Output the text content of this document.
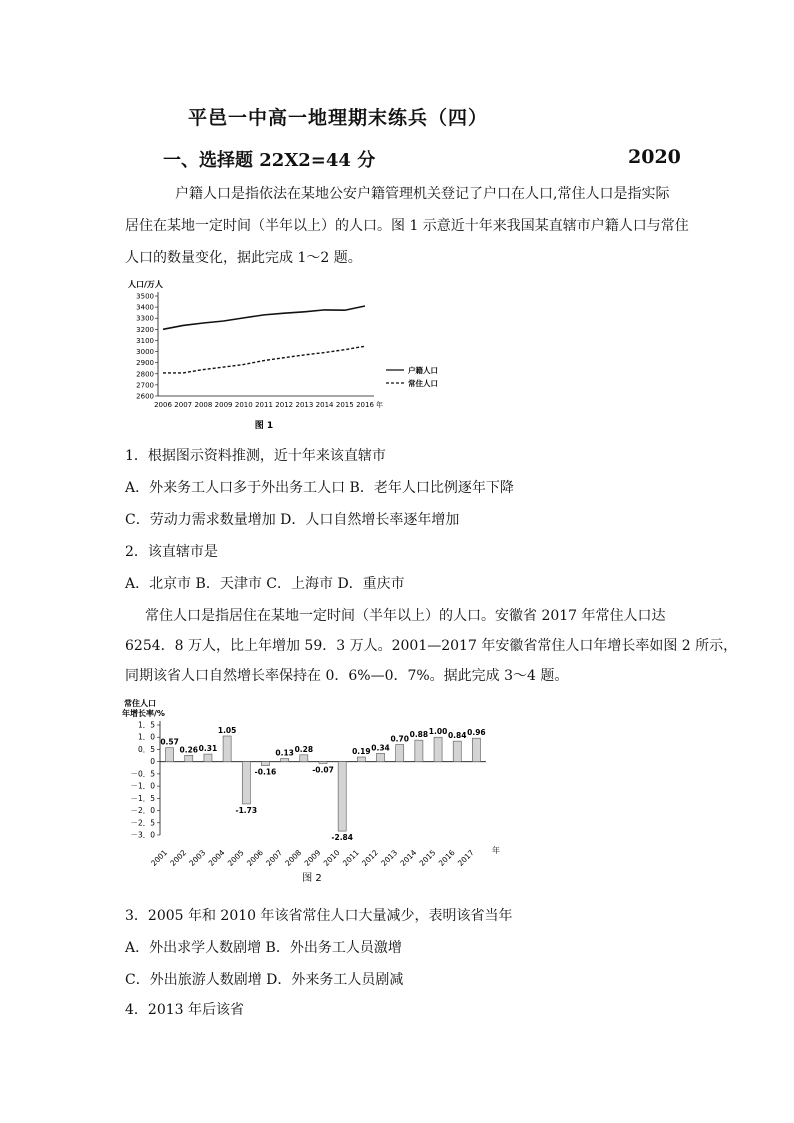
平邑一中高一地理期末练兵（四）
一、选择题 22X2=44 分	2020
户籍人口是指依法在某地公安户籍管理机关登记了户口在人口,常住人口是指实际
居住在某地一定时间（半年以上）的人口。图 1 示意近十年来我国某直辖市户籍人口与常住
人口的数量变化，据此完成 1～2 题。
人口/万人
2600
2700
2800
2900
3000
3100
3200
3300
3400
3500
2006 2007 2008 2009 2010 2011 2012 2013 2014 2015 2016 年
户籍人口
常住人口
图 1
1．根据图示资料推测，近十年来该直辖市
A．外来务工人口多于外出务工人口 B．老年人口比例逐年下降
C．劳动力需求数量增加 D．人口自然增长率逐年增加
2．该直辖市是
A．北京市 B．天津市 C．上海市 D．重庆市
常住人口是指居住在某地一定时间（半年以上）的人口。安徽省 2017 年常住人口达
6254．8 万人，比上年增加 59．3 万人。2001—2017 年安徽省常住人口年增长率如图 2 所示，
同期该省人口自然增长率保持在 0．6%—0．7%。据此完成 3～4 题。
常住人口
年增长率/%
1．5
1．0
0．5
0
－0．5
－1．0
－1．5
－2．0
－2．5
－3．0
0.57
2001
0.26
2002
0.31
2003
1.05
2004
-1.73
2005
-0.16
2006
0.13
2007
0.28
2008
-0.07
2009
-2.84
2010
0.19
2011
0.34
2012
0.70
2013
0.88
2014
1.00
2015
0.84
2016
0.96
2017 年
图 2
3．2005 年和 2010 年该省常住人口大量减少，表明该省当年
A．外出求学人数剧增 B．外出务工人员激增
C．外出旅游人数剧增 D．外来务工人员剧减
4．2013 年后该省
